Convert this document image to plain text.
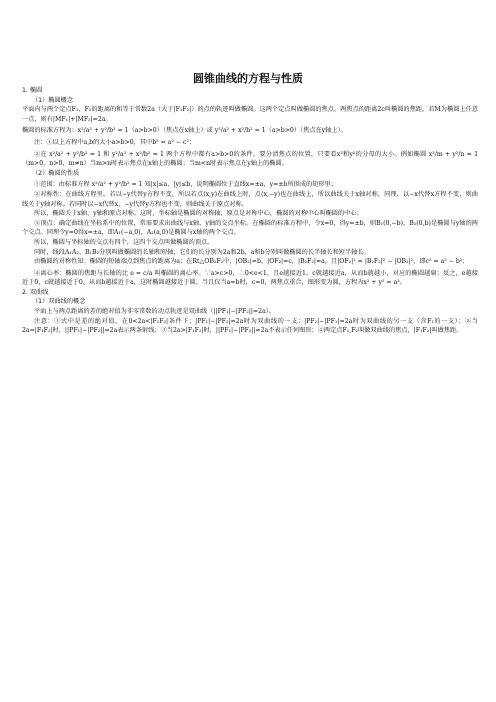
圆锥曲线的方程与性质

1. 椭圆

（1）椭圆概念

平面内与两个定点F₁、F₂的距离的和等于常数2a（大于|F₁F₂|）的点的轨迹叫做椭圆。这两个定点叫做椭圆的焦点，两焦点的距离2c叫椭圆的焦距。若M为椭圆上任意一点，则有|MF₁|+|MF₂|=2a。

椭圆的标准方程为：x²/a² + y²/b² = 1（a>b>0）（焦点在x轴上）或 y²/a² + x²/b² = 1（a>b>0）（焦点在y轴上）。

注：①以上方程中a,b的大小a>b>0，其中b² = a² − c²；

②在 x²/a² + y²/b² = 1 和 y²/a² + x²/b² = 1 两个方程中都有a>b>0的条件，要分清焦点的位置，只要看x²和y²的分母的大小。例如椭圆 x²/m + y²/n = 1（m>0，n>0，m≠n）当m>n时表示焦点在x轴上的椭圆；当m<n时表示焦点在y轴上的椭圆。

（2）椭圆的性质

①范围：由标准方程 x²/a² + y²/b² = 1 知|x|≤a，|y|≤b，说明椭圆位于直线x=±a，y=±b所围成的矩形里；

②对称性：在曲线方程里，若以−y代替y方程不变，所以若点(x,y)在曲线上时，点(x,−y)也在曲线上，所以曲线关于x轴对称，同理，以−x代替x方程不变，则曲线关于y轴对称。若同时以−x代替x，−y代替y方程也不变，则曲线关于原点对称。

所以，椭圆关于x轴、y轴和原点对称。这时，坐标轴是椭圆的对称轴，原点是对称中心，椭圆的对称中心叫椭圆的中心；

③顶点：确定曲线在坐标系中的位置，常需要求出曲线与x轴、y轴的交点坐标。在椭圆的标准方程中，令x=0，得y=±b，则B₁(0,−b)，B₂(0,b)是椭圆与y轴的两个交点。同理令y=0得x=±a，即A₁(−a,0)，A₂(a,0)是椭圆与x轴的两个交点。

所以，椭圆与坐标轴的交点有四个，这四个交点叫做椭圆的顶点。

同时，线段A₁A₂、B₁B₂分别叫做椭圆的长轴和短轴，它们的长分别为2a和2b，a和b分别叫做椭圆的长半轴长和短半轴长。

由椭圆的对称性知：椭圆的短轴端点到焦点的距离为a；在Rt△OB₂F₂中，|OB₂|=b，|OF₂|=c，|B₂F₂|=a，且|OF₂|² = |B₂F₂|² − |OB₂|²，即c² = a² − b²；

④离心率：椭圆的焦距与长轴的比 e = c/a 叫椭圆的离心率。∵a>c>0，∴0<e<1，且e越接近1，c就越接近a，从而b就越小，对应的椭圆越扁；反之，e越接近于0，c就越接近于0，从而b越接近于a，这时椭圆越接近于圆。当且仅当a=b时，c=0，两焦点重合，图形变为圆，方程为x² + y² = a²。

2. 双曲线

（1）双曲线的概念

平面上与两点距离的差的绝对值为非零常数的动点轨迹是双曲线（||PF₁|−|PF₂||=2a）。

注意：①式中是差的绝对值，在0<2a<|F₁F₂|条件下；|PF₁|−|PF₂|=2a时为双曲线的一支；|PF₂|−|PF₁|=2a时为双曲线的另一支（含F₁的一支）；②当2a=|F₁F₂|时，||PF₁|−|PF₂||=2a表示两条射线；③当2a>|F₁F₂|时，||PF₁|−|PF₂||=2a不表示任何图形；④两定点F₁,F₂叫做双曲线的焦点，|F₁F₂|叫做焦距。
